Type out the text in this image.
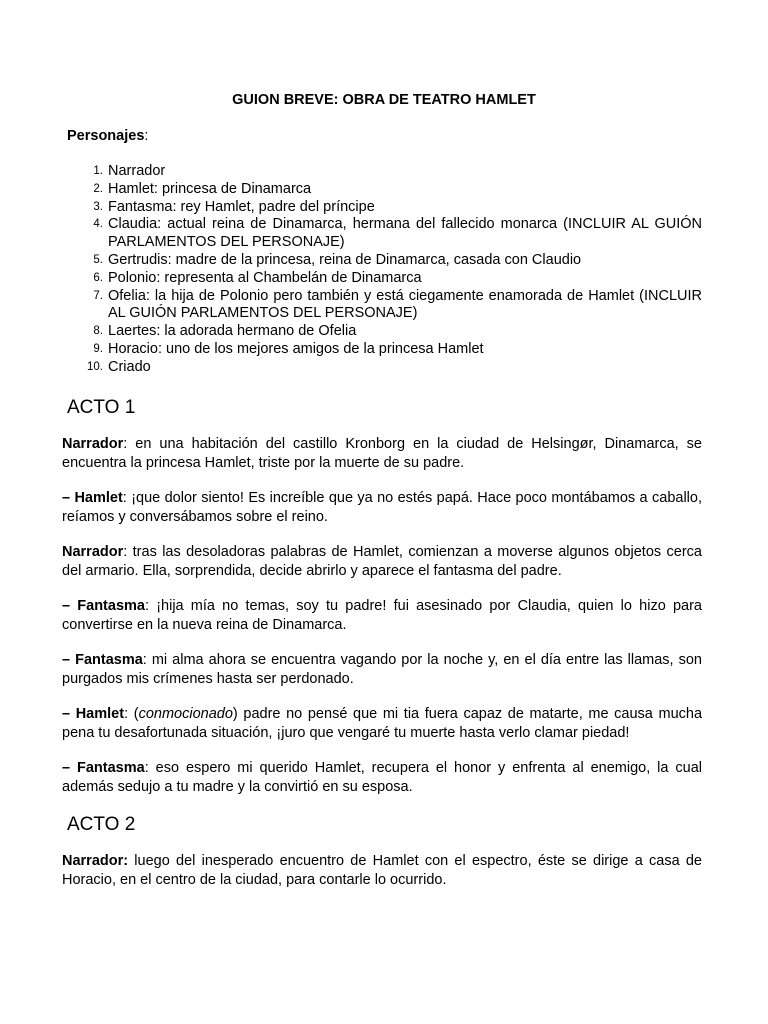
GUION BREVE: OBRA DE TEATRO HAMLET

Personajes:

1. Narrador
2. Hamlet: princesa de Dinamarca
3. Fantasma: rey Hamlet, padre del príncipe
4. Claudia: actual reina de Dinamarca, hermana del fallecido monarca (INCLUIR AL GUIÓN PARLAMENTOS DEL PERSONAJE)
5. Gertrudis: madre de la princesa, reina de Dinamarca, casada con Claudio
6. Polonio: representa al Chambelán de Dinamarca
7. Ofelia: la hija de Polonio pero también y está ciegamente enamorada de Hamlet (INCLUIR AL GUIÓN PARLAMENTOS DEL PERSONAJE)
8. Laertes: la adorada hermano de Ofelia
9. Horacio: uno de los mejores amigos de la princesa Hamlet
10. Criado
ACTO 1

Narrador: en una habitación del castillo Kronborg en la ciudad de Helsingør, Dinamarca, se encuentra la princesa Hamlet, triste por la muerte de su padre.

– Hamlet: ¡que dolor siento! Es increíble que ya no estés papá. Hace poco montábamos a caballo, reíamos y conversábamos sobre el reino.

Narrador: tras las desoladoras palabras de Hamlet, comienzan a moverse algunos objetos cerca del armario. Ella, sorprendida, decide abrirlo y aparece el fantasma del padre.

– Fantasma: ¡hija mía no temas, soy tu padre! fui asesinado por Claudia, quien lo hizo para convertirse en la nueva reina de Dinamarca.

– Fantasma: mi alma ahora se encuentra vagando por la noche y, en el día entre las llamas, son purgados mis crímenes hasta ser perdonado.

– Hamlet: (conmocionado) padre no pensé que mi tia fuera capaz de matarte, me causa mucha pena tu desafortunada situación, ¡juro que vengaré tu muerte hasta verlo clamar piedad!

– Fantasma: eso espero mi querido Hamlet, recupera el honor y enfrenta al enemigo, la cual además sedujo a tu madre y la convirtió en su esposa.

ACTO 2

Narrador: luego del inesperado encuentro de Hamlet con el espectro, éste se dirige a casa de Horacio, en el centro de la ciudad, para contarle lo ocurrido.
